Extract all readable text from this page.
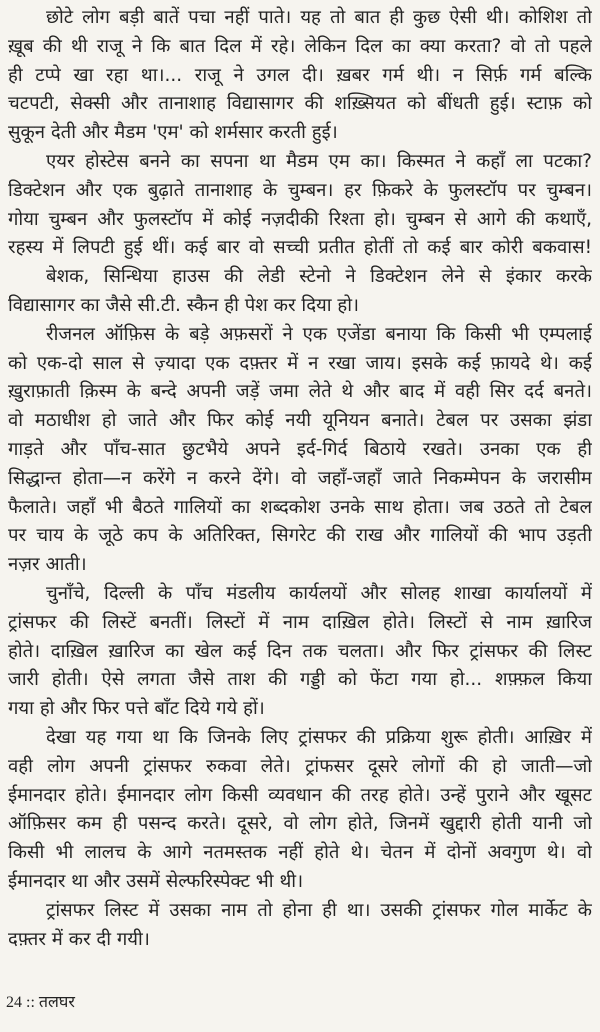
छोटे लोग बड़ी बातें पचा नहीं पाते। यह तो बात ही कुछ ऐसी थी। कोशिश तो
ख़ूब की थी राजू ने कि बात दिल में रहे। लेकिन दिल का क्या करता? वो तो पहले
ही टप्पे खा रहा था।... राजू ने उगल दी। ख़बर गर्म थी। न सिर्फ़ गर्म बल्कि
चटपटी, सेक्सी और तानाशाह विद्यासागर की शख़्सियत को बींधती हुई। स्टाफ़ को
सुकून देती और मैडम 'एम' को शर्मसार करती हुई।
एयर होस्टेस बनने का सपना था मैडम एम का। किस्मत ने कहाँ ला पटका?
डिक्टेशन और एक बुढ़ाते तानाशाह के चुम्बन। हर फ़िकरे के फुलस्टॉप पर चुम्बन।
गोया चुम्बन और फुलस्टॉप में कोई नज़दीकी रिश्ता हो। चुम्बन से आगे की कथाएँ,
रहस्य में लिपटी हुई थीं। कई बार वो सच्ची प्रतीत होतीं तो कई बार कोरी बकवास!
बेशक, सिन्धिया हाउस की लेडी स्टेनो ने डिक्टेशन लेने से इंकार करके
विद्यासागर का जैसे सी.टी. स्कैन ही पेश कर दिया हो।
रीजनल ऑफ़िस के बड़े अफ़सरों ने एक एजेंडा बनाया कि किसी भी एम्पलाई
को एक-दो साल से ज़्यादा एक दफ़्तर में न रखा जाय। इसके कई फ़ायदे थे। कई
ख़ुराफ़ाती क़िस्म के बन्दे अपनी जड़ें जमा लेते थे और बाद में वही सिर दर्द बनते।
वो मठाधीश हो जाते और फिर कोई नयी यूनियन बनाते। टेबल पर उसका झंडा
गाड़ते और पाँच-सात छुटभैये अपने इर्द-गिर्द बिठाये रखते। उनका एक ही
सिद्धान्त होता—न करेंगे न करने देंगे। वो जहाँ-जहाँ जाते निकम्मेपन के जरासीम
फैलाते। जहाँ भी बैठते गालियों का शब्दकोश उनके साथ होता। जब उठते तो टेबल
पर चाय के जूठे कप के अतिरिक्त, सिगरेट की राख और गालियों की भाप उड़ती
नज़र आती।
चुनाँचे, दिल्ली के पाँच मंडलीय कार्यलयों और सोलह शाखा कार्यालयों में
ट्रांसफर की लिस्टें बनतीं। लिस्टों में नाम दाख़िल होते। लिस्टों से नाम ख़ारिज
होते। दाख़िल ख़ारिज का खेल कई दिन तक चलता। और फिर ट्रांसफर की लिस्ट
जारी होती। ऐसे लगता जैसे ताश की गड्डी को फेंटा गया हो... शफ़्फ़ल किया
गया हो और फिर पत्ते बाँट दिये गये हों।
देखा यह गया था कि जिनके लिए ट्रांसफर की प्रक्रिया शुरू होती। आख़िर में
वही लोग अपनी ट्रांसफर रुकवा लेते। ट्रांफसर दूसरे लोगों की हो जाती—जो
ईमानदार होते। ईमानदार लोग किसी व्यवधान की तरह होते। उन्हें पुराने और खूसट
ऑफ़िसर कम ही पसन्द करते। दूसरे, वो लोग होते, जिनमें खुद्दारी होती यानी जो
किसी भी लालच के आगे नतमस्तक नहीं होते थे। चेतन में दोनों अवगुण थे। वो
ईमानदार था और उसमें सेल्फरिस्पेक्ट भी थी।
ट्रांसफर लिस्ट में उसका नाम तो होना ही था। उसकी ट्रांसफर गोल मार्केट के
दफ़्तर में कर दी गयी।
24 :: तलघर
